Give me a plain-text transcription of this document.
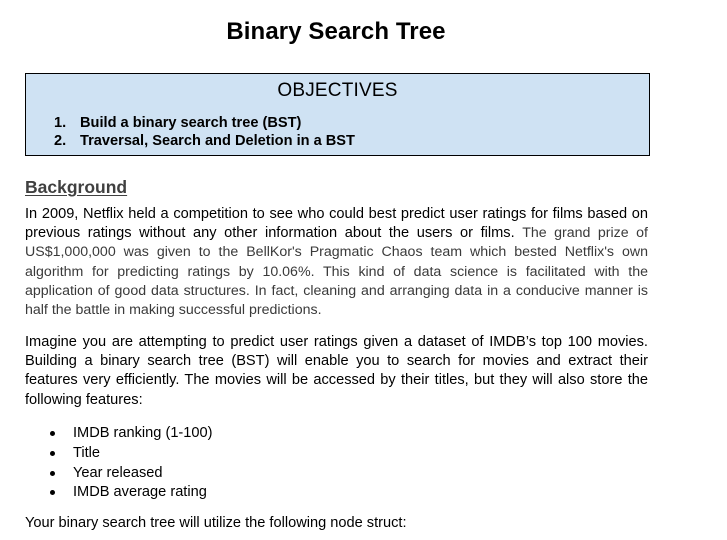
Binary Search Tree
OBJECTIVES
1. Build a binary search tree (BST)
2. Traversal, Search and Deletion in a BST
Background

In 2009, Netflix held a competition to see who could best predict user ratings for films based on previous ratings without any other information about the users or films. The grand prize of US$1,000,000 was given to the BellKor's Pragmatic Chaos team which bested Netflix's own algorithm for predicting ratings by 10.06%. This kind of data science is facilitated with the application of good data structures. In fact, cleaning and arranging data in a conducive manner is half the battle in making successful predictions.

Imagine you are attempting to predict user ratings given a dataset of IMDB’s top 100 movies. Building a binary search tree (BST) will enable you to search for movies and extract their features very efficiently. The movies will be accessed by their titles, but they will also store the following features:

IMDB ranking (1-100)
Title
Year released
IMDB average rating

Your binary search tree will utilize the following node struct:
